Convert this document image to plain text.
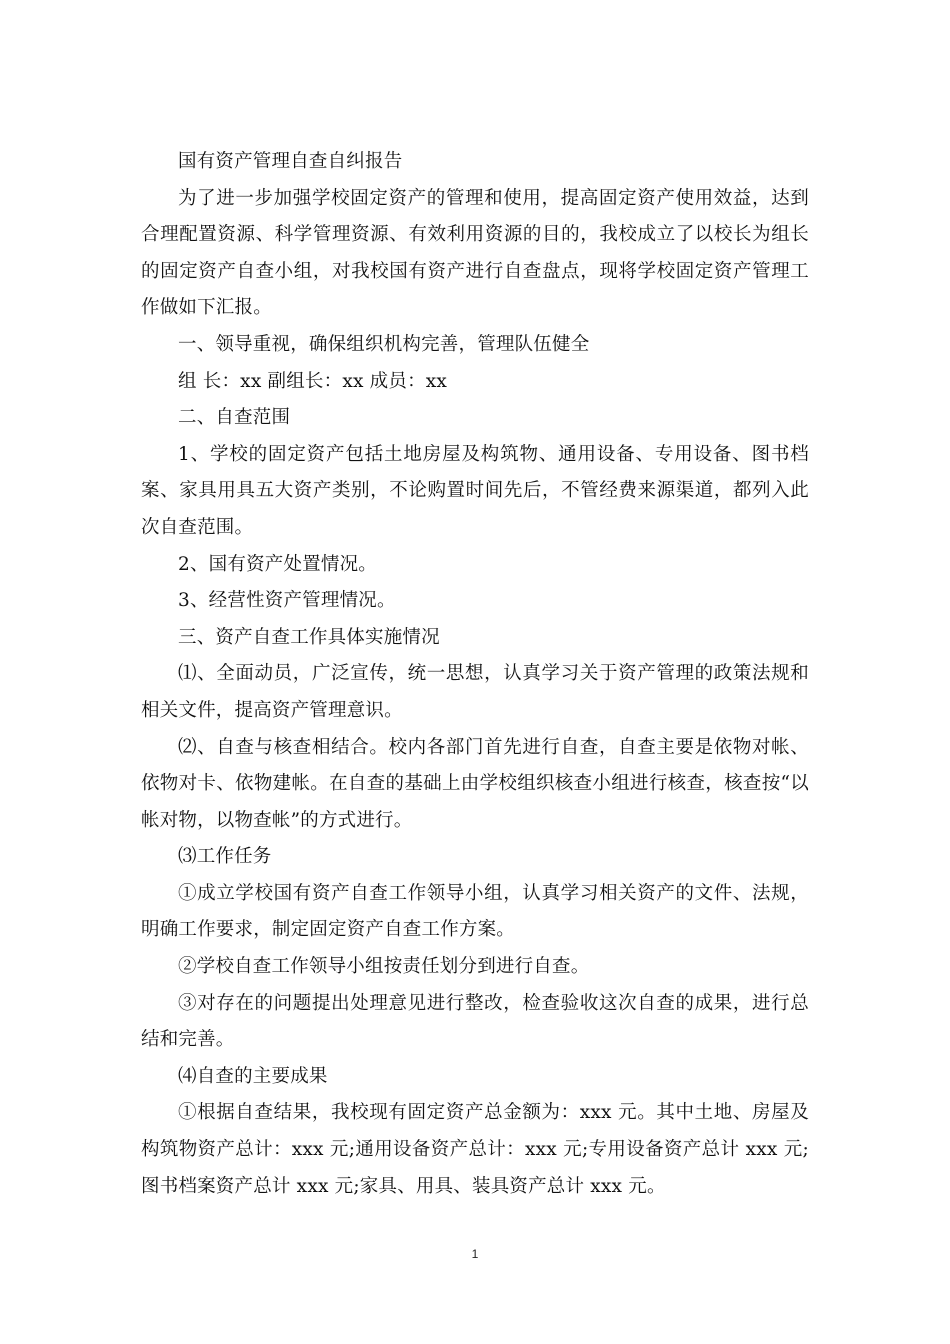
国有资产管理自查自纠报告

为了进一步加强学校固定资产的管理和使用，提高固定资产使用效益，达到合理配置资源、科学管理资源、有效利用资源的目的，我校成立了以校长为组长的固定资产自查小组，对我校国有资产进行自查盘点，现将学校固定资产管理工作做如下汇报。

一、领导重视，确保组织机构完善，管理队伍健全

组 长：xx 副组长：xx 成员：xx

二、自查范围

1、学校的固定资产包括土地房屋及构筑物、通用设备、专用设备、图书档案、家具用具五大资产类别，不论购置时间先后，不管经费来源渠道，都列入此次自查范围。

2、国有资产处置情况。

3、经营性资产管理情况。

三、资产自查工作具体实施情况

⑴、全面动员，广泛宣传，统一思想，认真学习关于资产管理的政策法规和相关文件，提高资产管理意识。

⑵、自查与核查相结合。校内各部门首先进行自查，自查主要是依物对帐、依物对卡、依物建帐。在自查的基础上由学校组织核查小组进行核查，核查按“以帐对物，以物查帐”的方式进行。

⑶工作任务

①成立学校国有资产自查工作领导小组，认真学习相关资产的文件、法规，明确工作要求，制定固定资产自查工作方案。

②学校自查工作领导小组按责任划分到进行自查。

③对存在的问题提出处理意见进行整改，检查验收这次自查的成果，进行总结和完善。

⑷自查的主要成果

①根据自查结果，我校现有固定资产总金额为：xxx 元。其中土地、房屋及构筑物资产总计：xxx 元;通用设备资产总计：xxx 元;专用设备资产总计 xxx 元;图书档案资产总计 xxx 元;家具、用具、装具资产总计 xxx 元。

1
